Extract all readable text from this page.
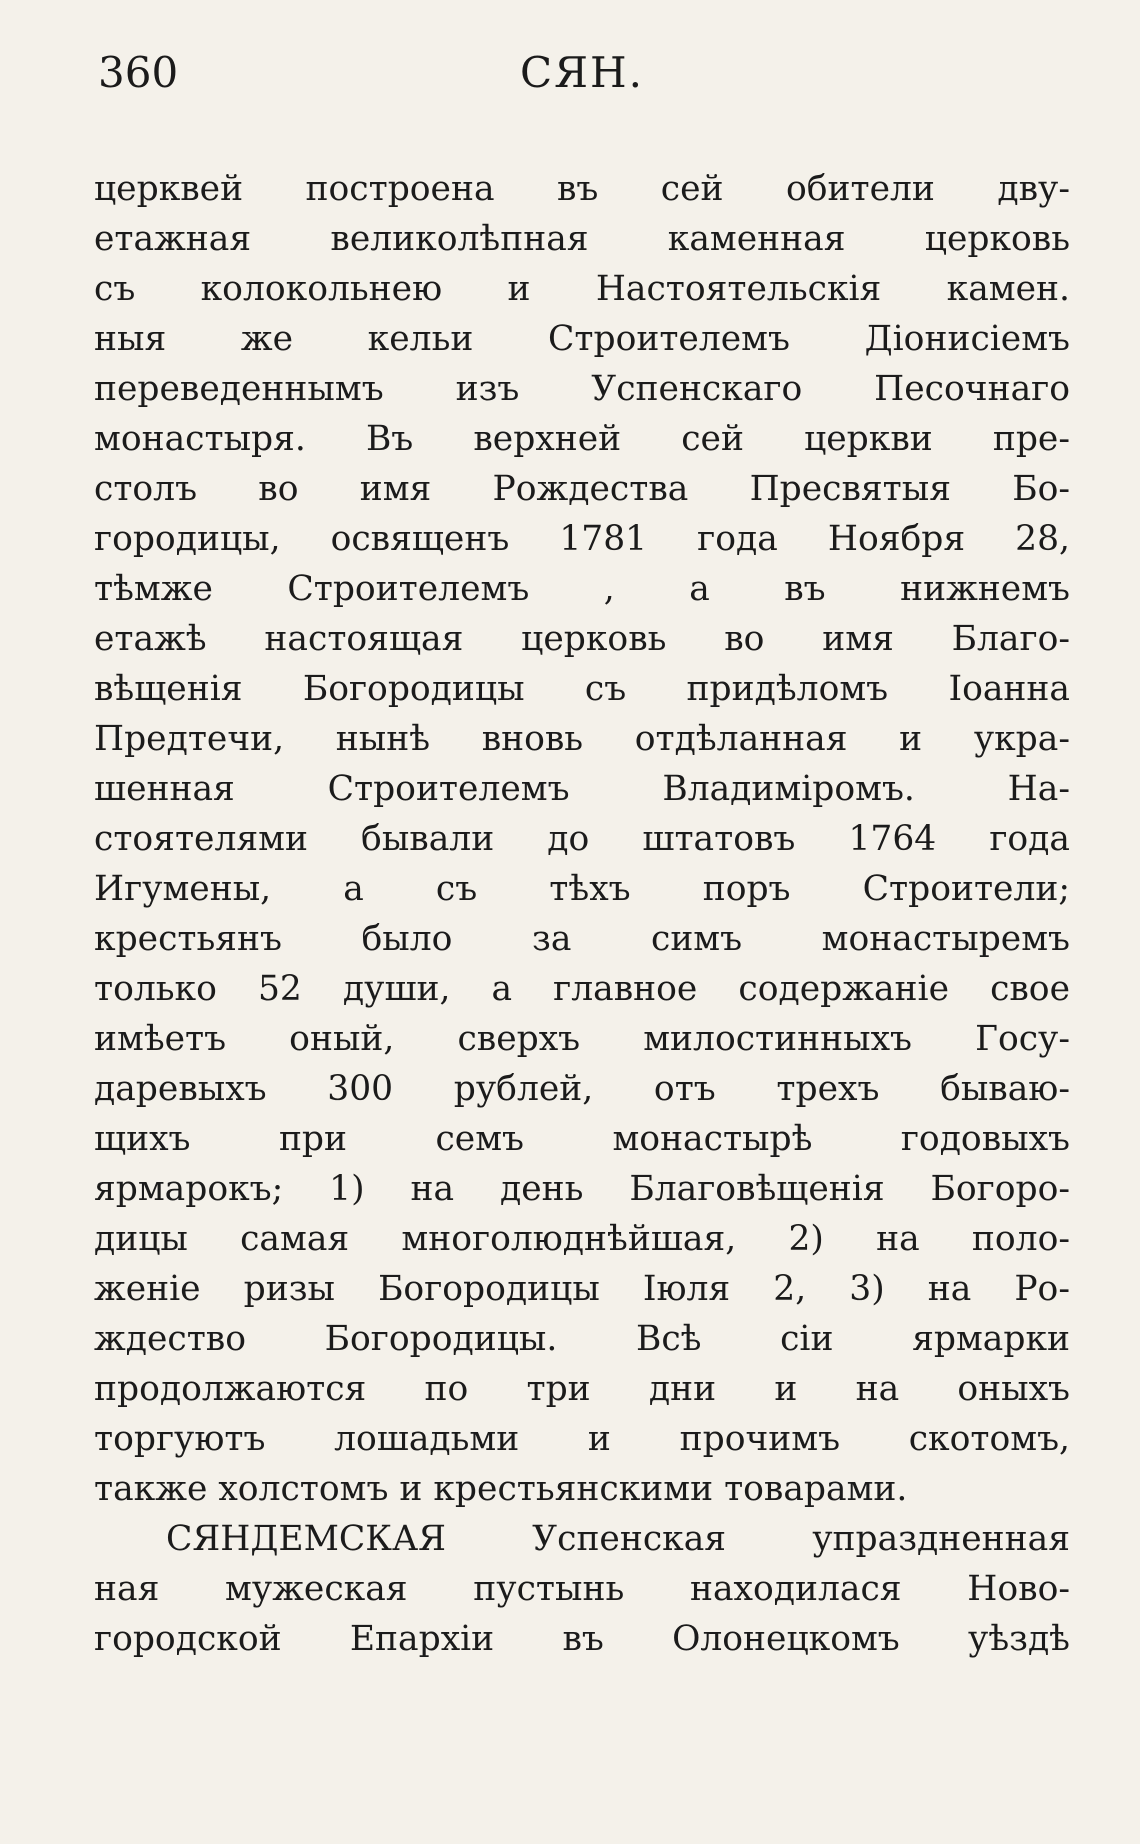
360	СЯН.
церквей построена въ сей обители дву-
етажная великолѣпная каменная церковь
съ колокольнею и Настоятельскія камен.
ныя же кельи Строителемъ Діонисіемъ
переведеннымъ изъ Успенскаго Песочнаго
монастыря. Въ верхней сей церкви пре-
столъ во имя Рождества Пресвятыя Бо-
городицы, освященъ 1781 года Ноября 28,
тѣмже Строителемъ , а въ нижнемъ
етажѣ настоящая церковь во имя Благо-
вѣщенія Богородицы съ придѣломъ Іоанна
Предтечи, нынѣ вновь отдѣланная и укра-
шенная Строителемъ Владиміромъ. На-
стоятелями бывали до штатовъ 1764 года
Игумены, а съ тѣхъ поръ Строители;
крестьянъ было за симъ монастыремъ
только 52 души, а главное содержаніе свое
имѣетъ оный, сверхъ милостинныхъ Госу-
даревыхъ 300 рублей, отъ трехъ бываю-
щихъ при семъ монастырѣ годовыхъ
ярмарокъ; 1) на день Благовѣщенія Богоро-
дицы самая многолюднѣйшая, 2) на поло-
женіе ризы Богородицы Іюля 2, 3) на Ро-
ждество Богородицы. Всѣ сіи ярмарки
продолжаются по три дни и на оныхъ
торгуютъ лошадьми и прочимъ скотомъ,
также холстомъ и крестьянскими товарами.
СЯНДЕМСКАЯ Успенская упраздненная
ная мужеская пустынь находилася Ново-
городской Епархіи въ Олонецкомъ уѣздѣ
